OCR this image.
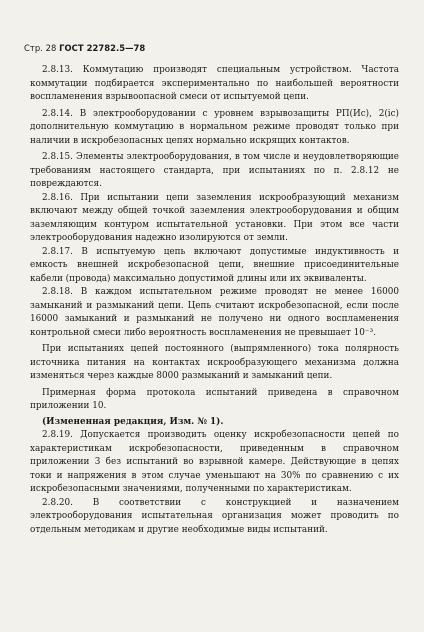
Стр. 28 ГОСТ 22782.5—78

2.8.13. Коммутацию производят специальным устройством. Частота коммутации подбирается экспериментально по наибольшей вероятности воспламенения взрывоопасной смеси от испытуемой цепи.

2.8.14. В электрооборудовании с уровнем взрывозащиты РП(Ис), 2(ic) дополнительную коммутацию в нормальном режиме проводят только при наличии в искробезопасных цепях нормально искрящих контактов.

2.8.15. Элементы электрооборудования, в том числе и неудовлетворяющие требованиям настоящего стандарта, при испытаниях по п. 2.8.12 не повреждаются.

2.8.16. При испытании цепи заземления искрообразующий механизм включают между общей точкой заземления электрооборудования и общим заземляющим контуром испытательной установки. При этом все части электрооборудования надежно изолируются от земли.

2.8.17. В испытуемую цепь включают допустимые индуктивность и емкость внешней искробезопасной цепи, внешние присоединительные кабели (провода) максимально допустимой длины или их эквиваленты.

2.8.18. В каждом испытательном режиме проводят не менее 16000 замыканий и размыканий цепи. Цепь считают искробезопасной, если после 16000 замыканий и размыканий не получено ни одного воспламенения контрольной смеси либо вероятность воспламенения не превышает 10⁻³.

При испытаниях цепей постоянного (выпрямленного) тока полярность источника питания на контактах искрообразующего механизма должна изменяться через каждые 8000 размыканий и замыканий цепи.

Примерная форма протокола испытаний приведена в справочном приложении 10.

(Измененная редакция, Изм. № 1).

2.8.19. Допускается производить оценку искробезопасности цепей по характеристикам искробезопасности, приведенным в справочном приложении 3 без испытаний во взрывной камере. Действующие в цепях токи и напряжения в этом случае уменьшают на 30% по сравнению с их искробезопасными значениями, полученными по характеристикам.

2.8.20. В соответствии с конструкцией и назначением электрооборудования испытательная организация может проводить по отдельным методикам и другие необходимые виды испытаний.
